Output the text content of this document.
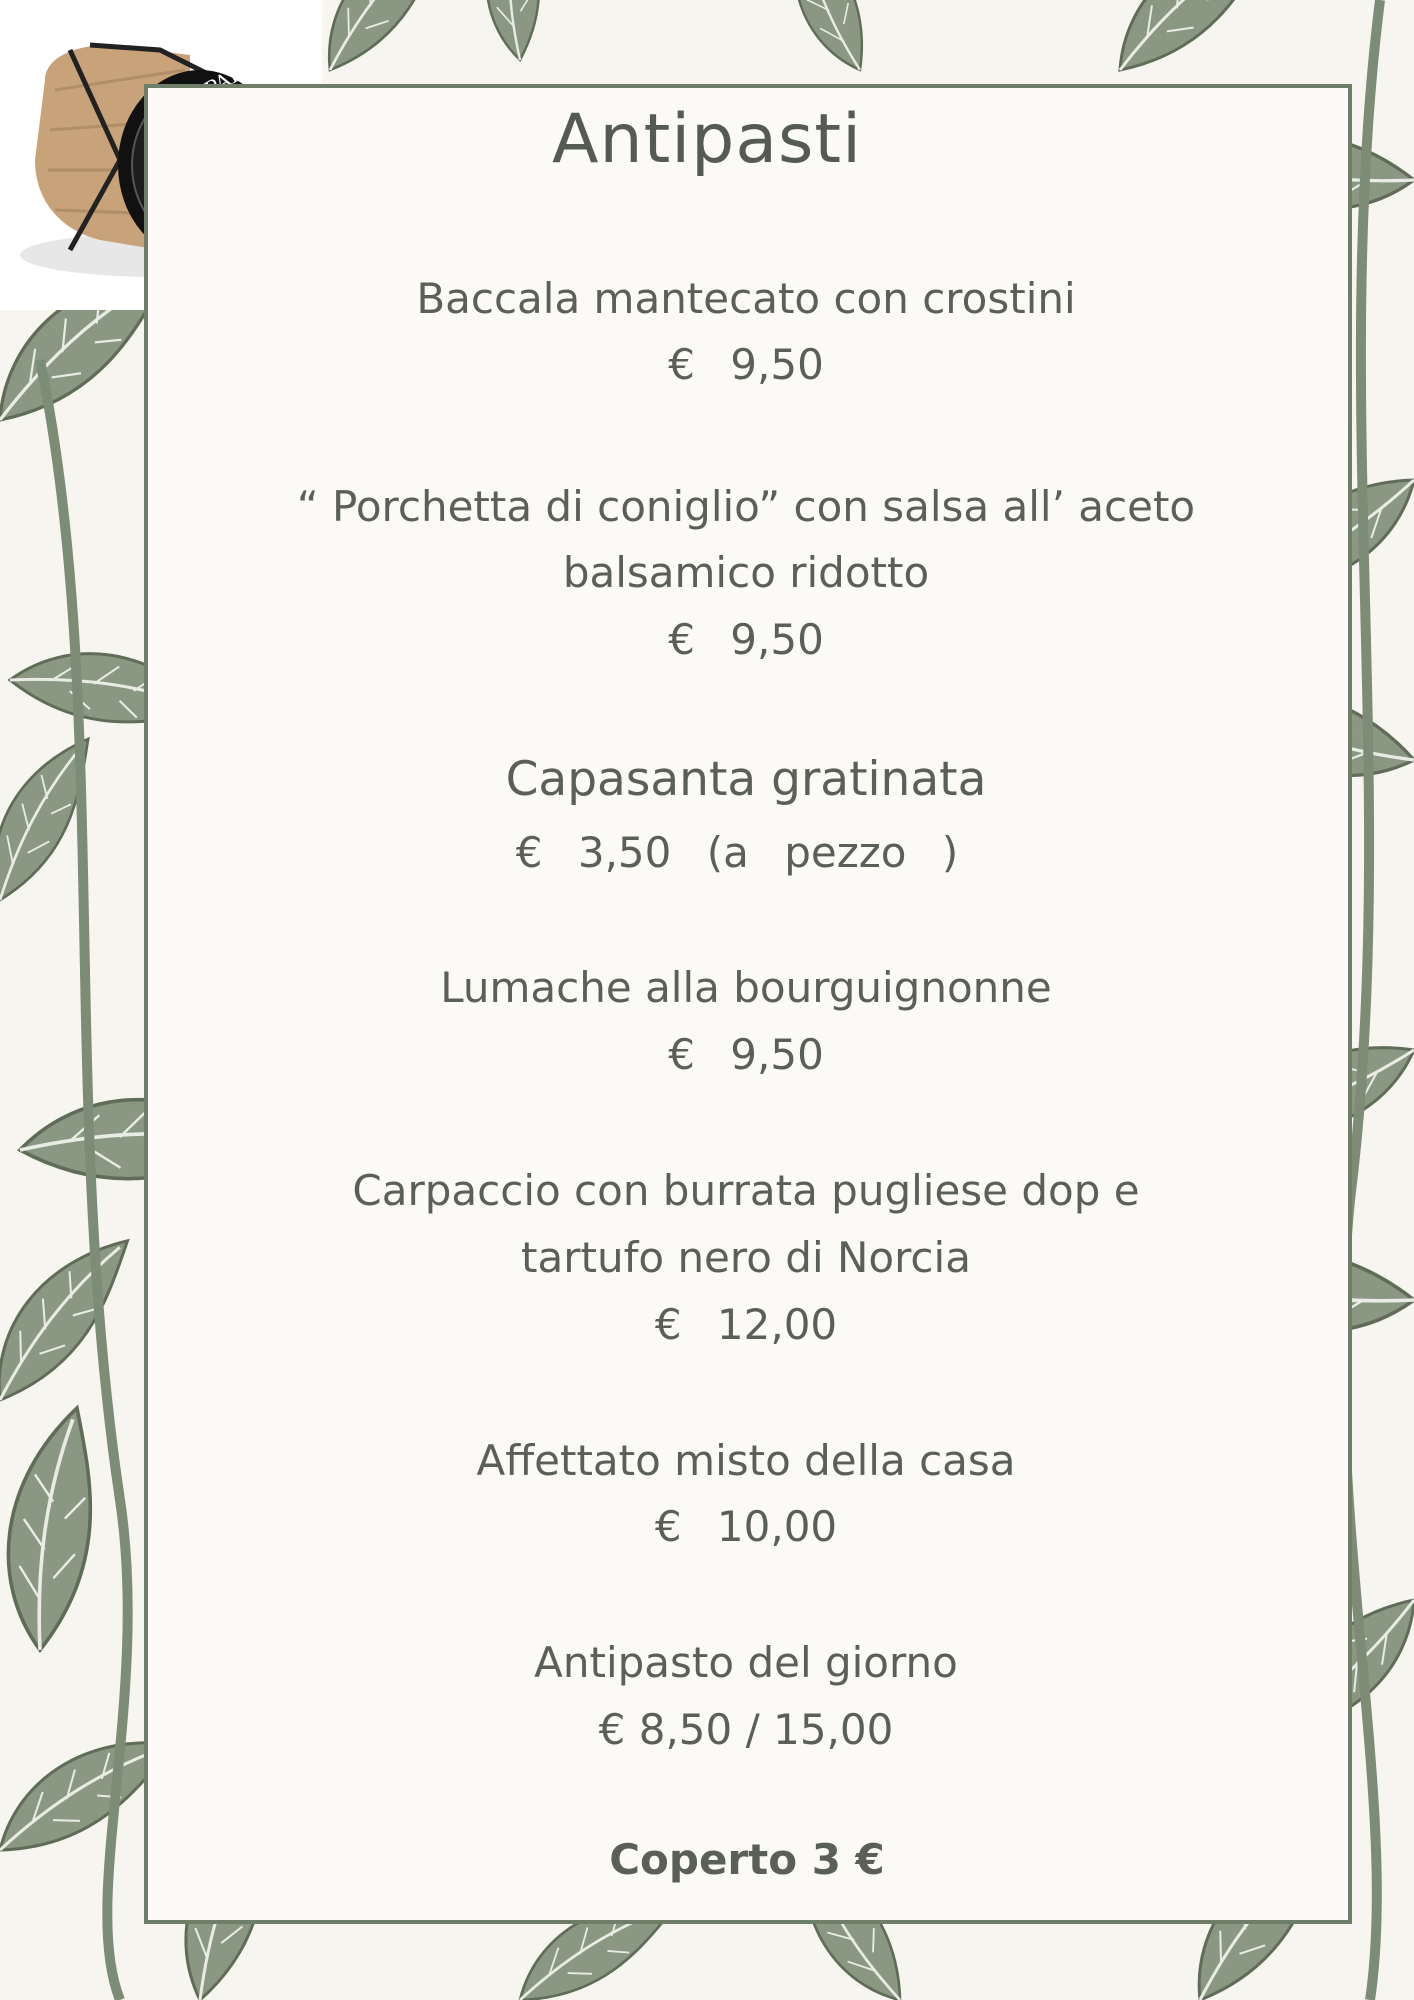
Antipasti
Baccala mantecato con crostini
€ 9,50
“ Porchetta di coniglio” con salsa all’ aceto
balsamico ridotto
€ 9,50
Capasanta gratinata
€ 3,50 (a pezzo )
Lumache alla bourguignonne
€ 9,50
Carpaccio con burrata pugliese dop e
tartufo nero di Norcia
€ 12,00
Affettato misto della casa
€ 10,00
Antipasto del giorno
€ 8,50 / 15,00
Coperto 3 €
